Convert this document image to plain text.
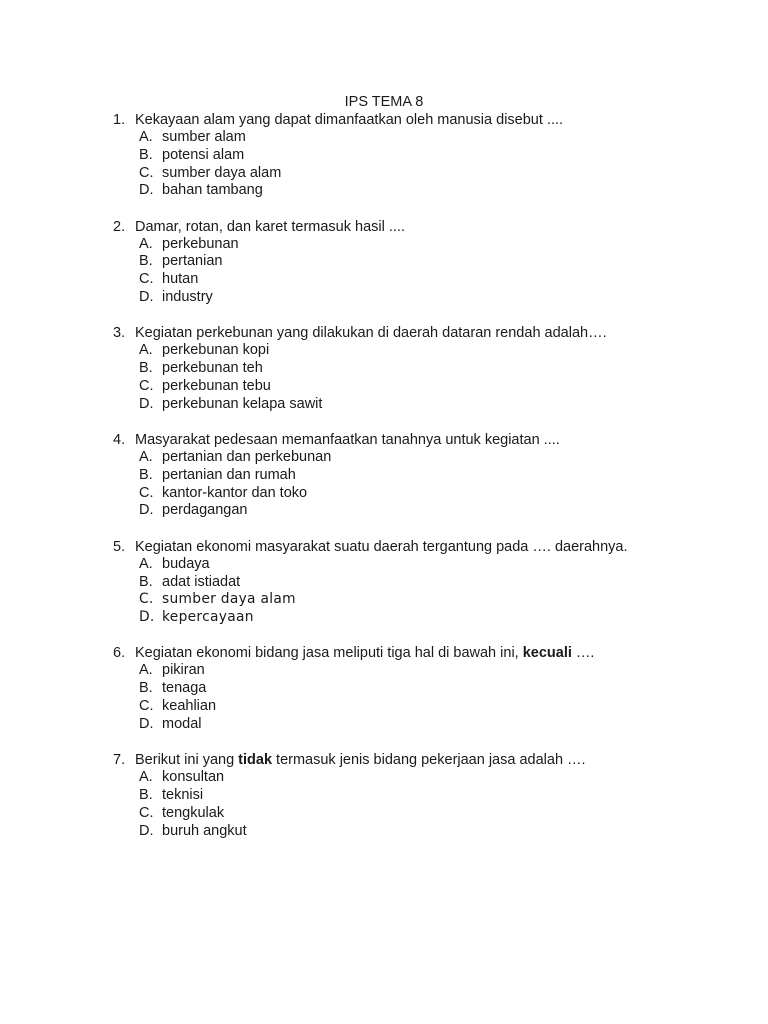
IPS TEMA 8
1. Kekayaan alam yang dapat dimanfaatkan oleh manusia disebut ....
A. sumber alam
B. potensi alam
C. sumber daya alam
D. bahan tambang
2. Damar, rotan, dan karet termasuk hasil ....
A. perkebunan
B. pertanian
C. hutan
D. industry
3. Kegiatan perkebunan yang dilakukan di daerah dataran rendah adalah….
A. perkebunan kopi
B. perkebunan teh
C. perkebunan tebu
D. perkebunan kelapa sawit
4. Masyarakat pedesaan memanfaatkan tanahnya untuk kegiatan ....
A. pertanian dan perkebunan
B. pertanian dan rumah
C. kantor-kantor dan toko
D. perdagangan
5. Kegiatan ekonomi masyarakat suatu daerah tergantung pada …. daerahnya.
A. budaya
B. adat istiadat
C. sumber daya alam
D. kepercayaan
6. Kegiatan ekonomi bidang jasa meliputi tiga hal di bawah ini, kecuali ….
A. pikiran
B. tenaga
C. keahlian
D. modal
7. Berikut ini yang tidak termasuk jenis bidang pekerjaan jasa adalah ….
A. konsultan
B. teknisi
C. tengkulak
D. buruh angkut
